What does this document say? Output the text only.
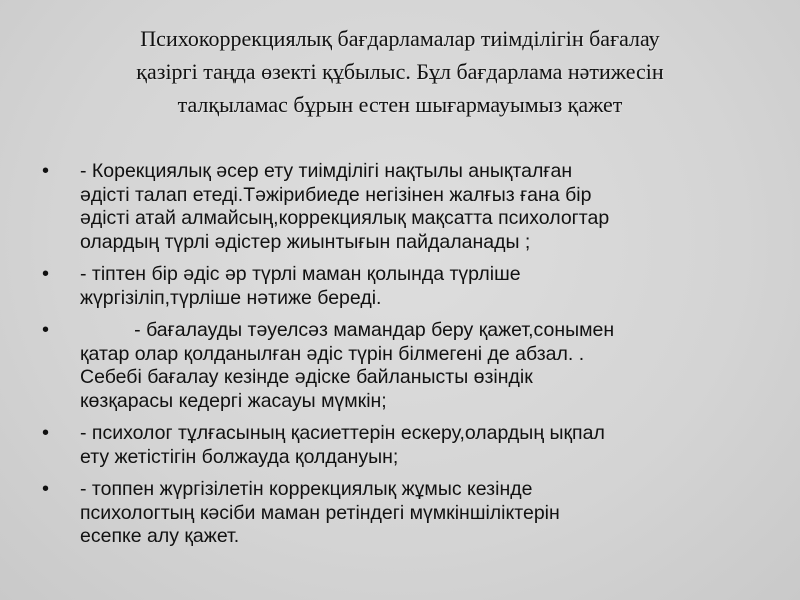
Психокоррекциялық бағдарламалар тиімділігін бағалау
қазіргі таңда өзекті құбылыс. Бұл бағдарлама нәтижесін
талқыламас бұрын естен шығармауымыз қажет
• - Корекциялық әсер ету тиімділігі нақтылы анықталған
әдісті талап етеді.Тәжірибиеде негізінен жалғыз ғана бір
әдісті атай алмайсың,коррекциялық мақсатта психологтар
олардың түрлі әдістер жиынтығын пайдаланады ;
• - тіптен бір әдіс әр түрлі маман қолында түрліше
жүргізіліп,түрліше нәтиже береді.
• - бағалауды тәуелсәз мамандар беру қажет,сонымен
қатар олар қолданылған әдіс түрін білмегені де абзал. .
Себебі бағалау кезінде әдіске байланысты өзіндік
көзқарасы кедергі жасауы мүмкін;
• - психолог тұлғасының қасиеттерін ескеру,олардың ықпал
ету жетістігін болжауда қолдануын;
• - топпен жүргізілетін коррекциялық жұмыс кезінде
психологтың кәсіби маман ретіндегі мүмкіншіліктерін
есепке алу қажет.
